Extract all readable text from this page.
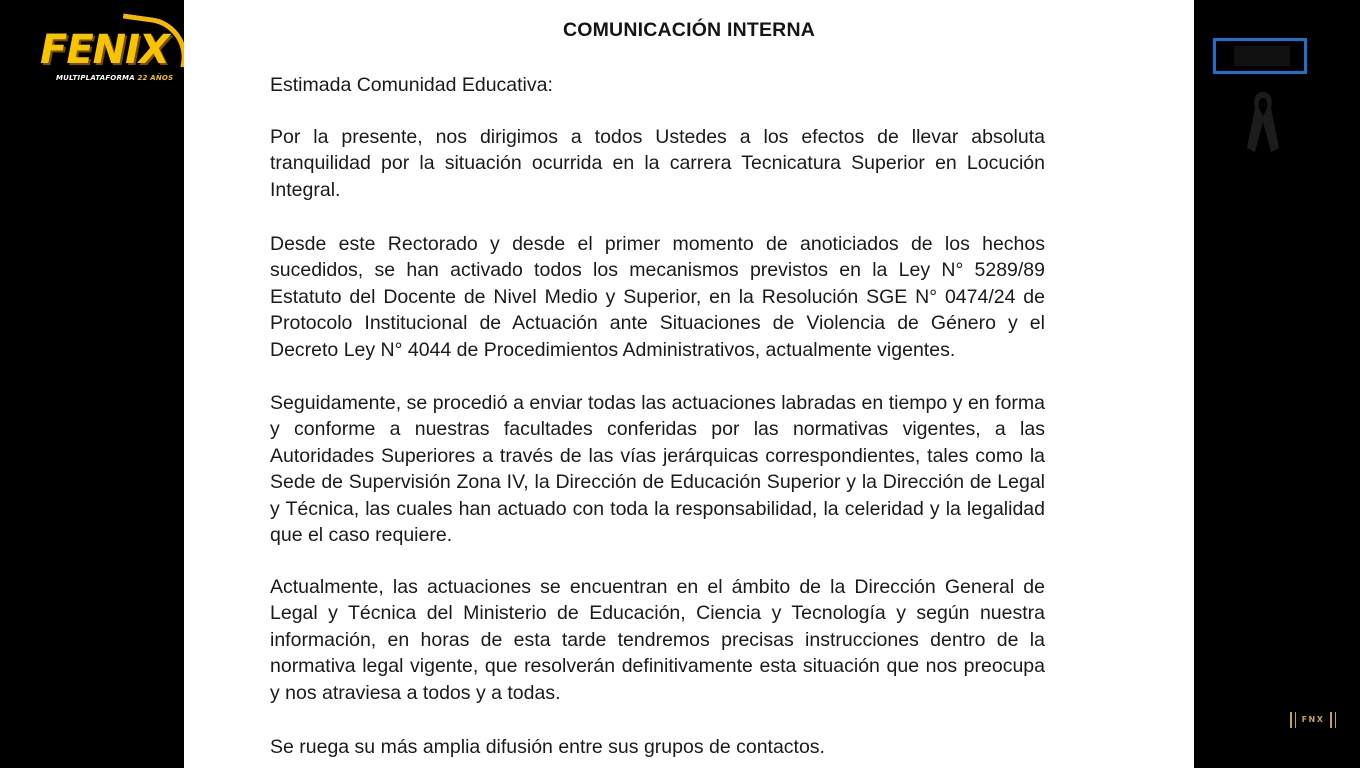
FENIX
MULTIPLATAFORMA 22 AÑOS
COMUNICACIÓN INTERNA

Estimada Comunidad Educativa:

Por la presente, nos dirigimos a todos Ustedes a los efectos de llevar absoluta tranquilidad por la situación ocurrida en la carrera Tecnicatura Superior en Locución Integral.

Desde este Rectorado y desde el primer momento de anoticiados de los hechos sucedidos, se han activado todos los mecanismos previstos en la Ley N° 5289/89 Estatuto del Docente de Nivel Medio y Superior, en la Resolución SGE N° 0474/24 de Protocolo Institucional de Actuación ante Situaciones de Violencia de Género y el Decreto Ley N° 4044 de Procedimientos Administrativos, actualmente vigentes.

Seguidamente, se procedió a enviar todas las actuaciones labradas en tiempo y en forma y conforme a nuestras facultades conferidas por las normativas vigentes, a las Autoridades Superiores a través de las vías jerárquicas correspondientes, tales como la Sede de Supervisión Zona IV, la Dirección de Educación Superior y la Dirección de Legal y Técnica, las cuales han actuado con toda la responsabilidad, la celeridad y la legalidad que el caso requiere.

Actualmente, las actuaciones se encuentran en el ámbito de la Dirección General de Legal y Técnica del Ministerio de Educación, Ciencia y Tecnología y según nuestra información, en horas de esta tarde tendremos precisas instrucciones dentro de la normativa legal vigente, que resolverán definitivamente esta situación que nos preocupa y nos atraviesa a todos y a todas.

Se ruega su más amplia difusión entre sus grupos de contactos.

FNX
